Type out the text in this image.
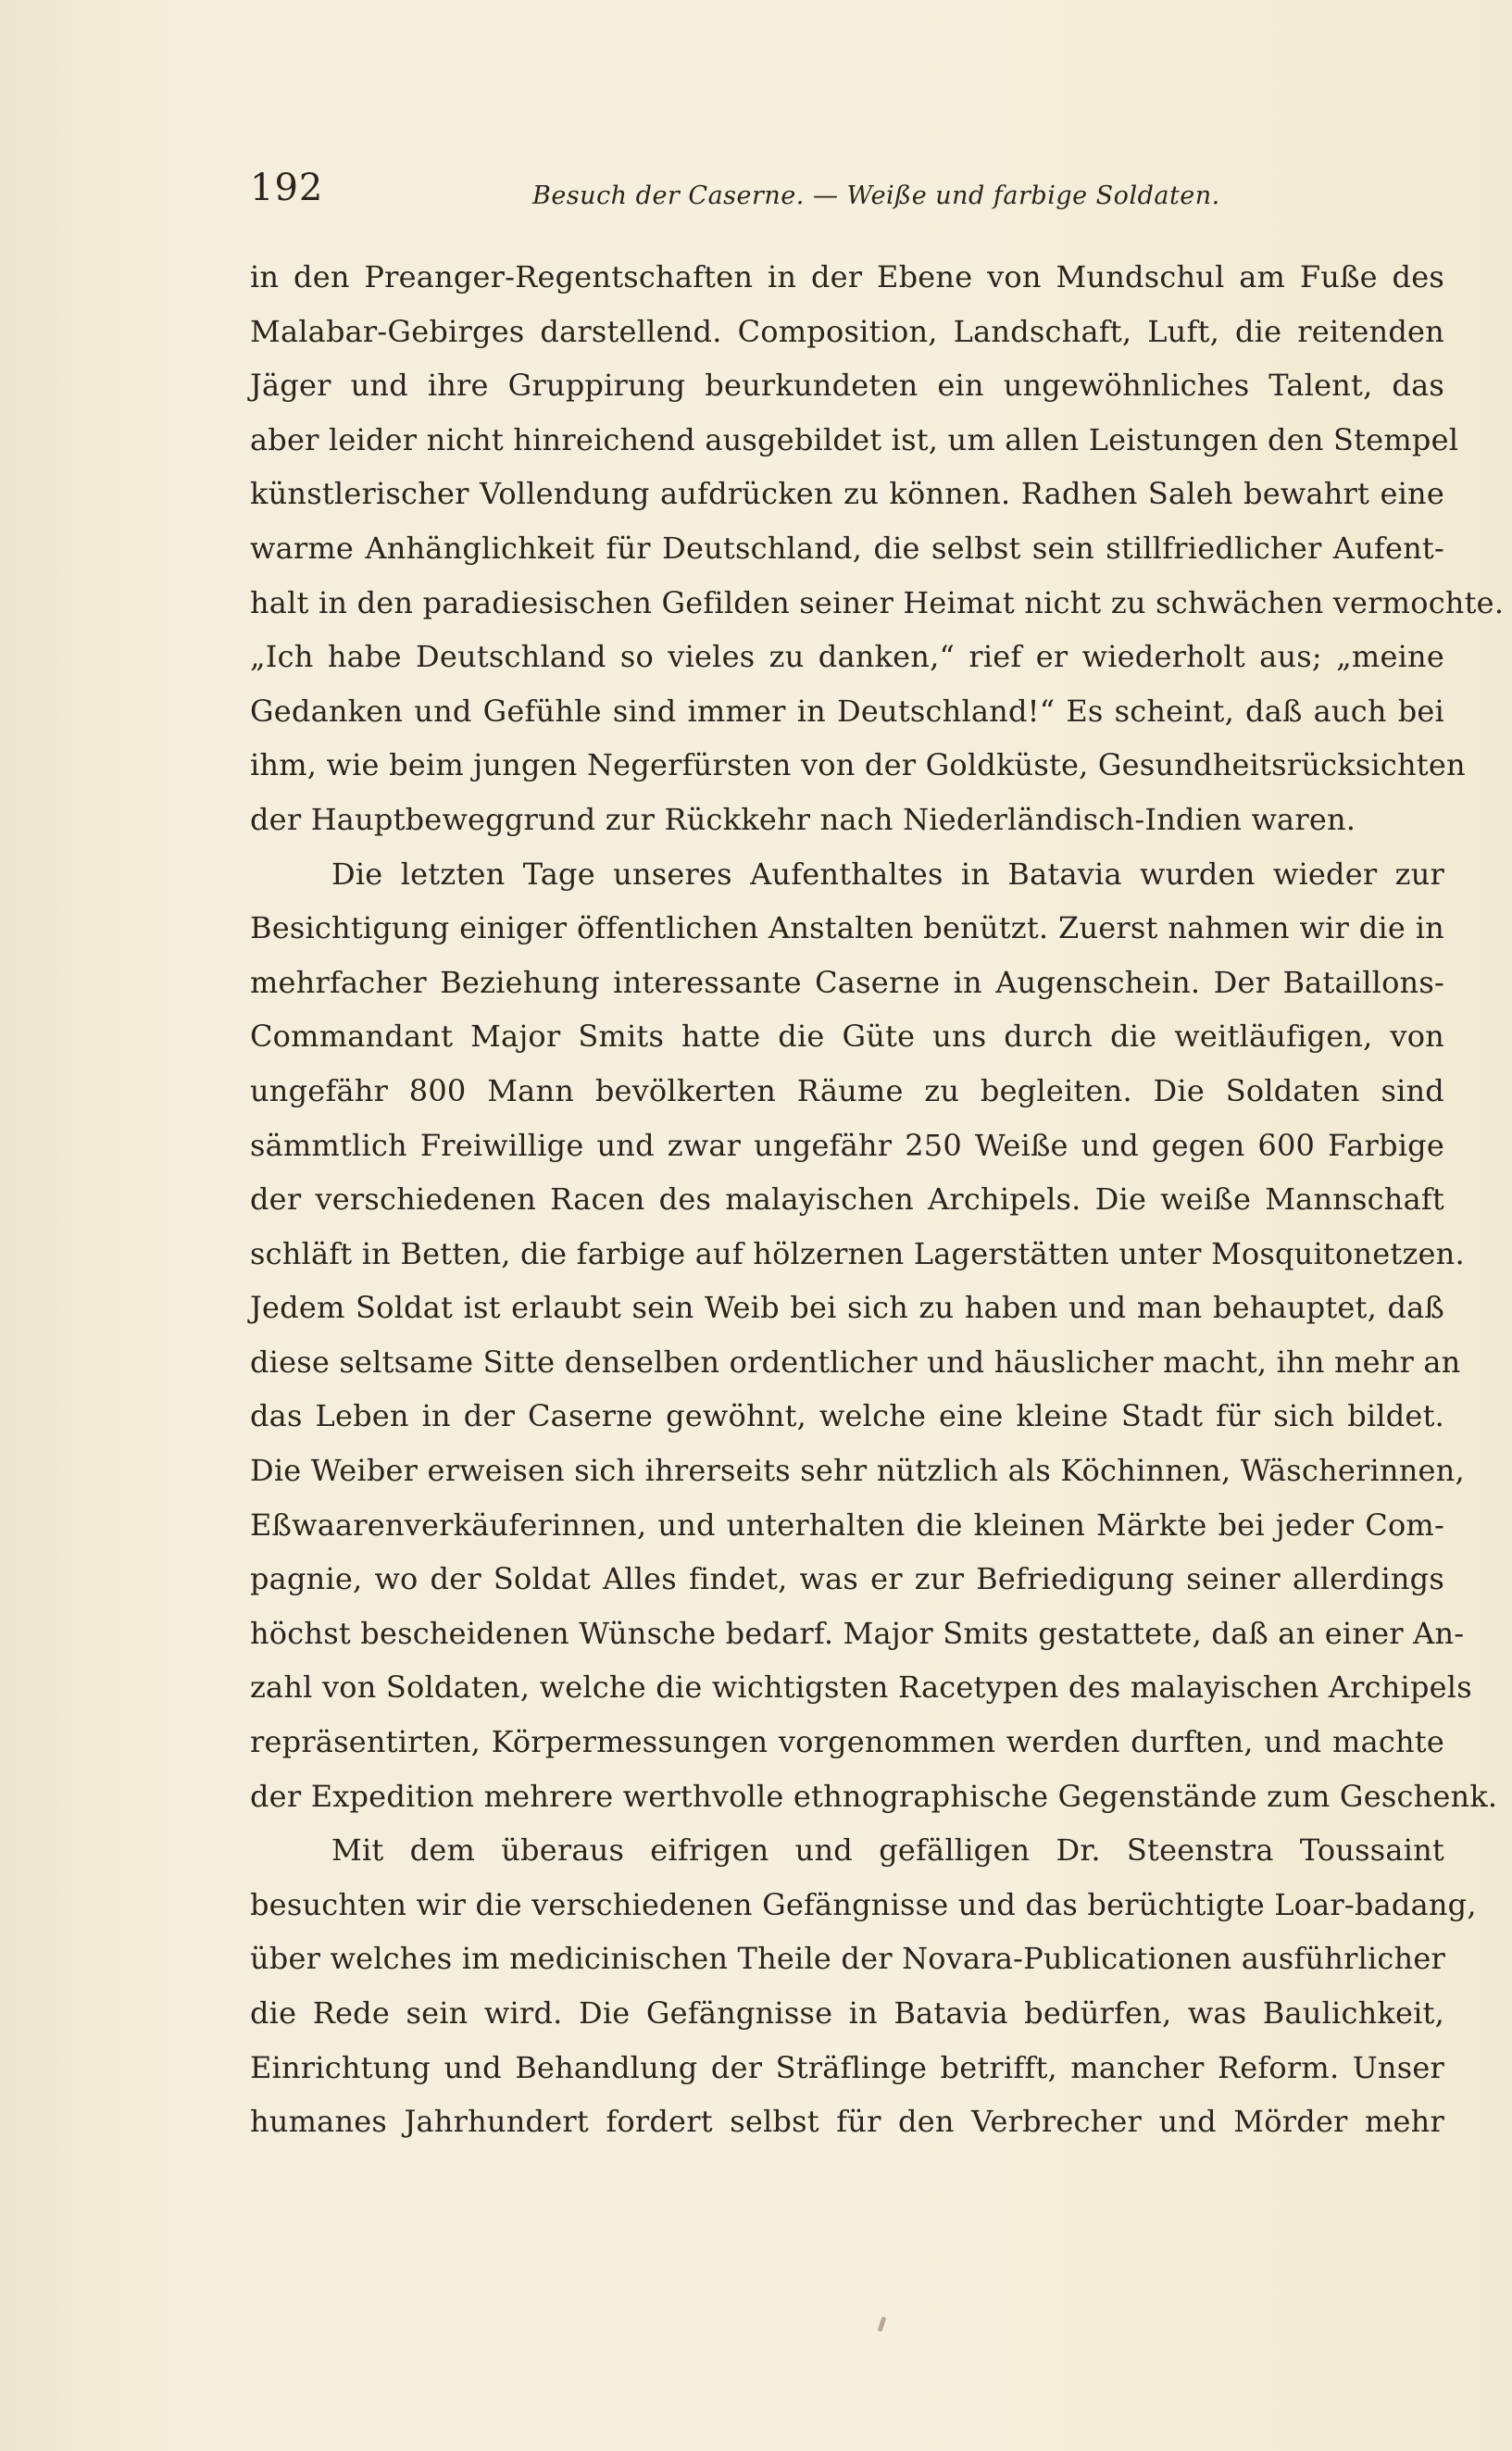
192	Besuch der Caserne. — Weiße und farbige Soldaten.
in den Preanger-Regentschaften in der Ebene von Mundschul am Fuße des
Malabar-Gebirges darstellend. Composition, Landschaft, Luft, die reitenden
Jäger und ihre Gruppirung beurkundeten ein ungewöhnliches Talent, das
aber leider nicht hinreichend ausgebildet ist, um allen Leistungen den Stempel
künstlerischer Vollendung aufdrücken zu können. Radhen Saleh bewahrt eine
warme Anhänglichkeit für Deutschland, die selbst sein stillfriedlicher Aufent-
halt in den paradiesischen Gefilden seiner Heimat nicht zu schwächen vermochte.
„Ich habe Deutschland so vieles zu danken,“ rief er wiederholt aus; „meine
Gedanken und Gefühle sind immer in Deutschland!“ Es scheint, daß auch bei
ihm, wie beim jungen Negerfürsten von der Goldküste, Gesundheitsrücksichten
der Hauptbeweggrund zur Rückkehr nach Niederländisch-Indien waren.
Die letzten Tage unseres Aufenthaltes in Batavia wurden wieder zur
Besichtigung einiger öffentlichen Anstalten benützt. Zuerst nahmen wir die in
mehrfacher Beziehung interessante Caserne in Augenschein. Der Bataillons-
Commandant Major Smits hatte die Güte uns durch die weitläufigen, von
ungefähr 800 Mann bevölkerten Räume zu begleiten. Die Soldaten sind
sämmtlich Freiwillige und zwar ungefähr 250 Weiße und gegen 600 Farbige
der verschiedenen Racen des malayischen Archipels. Die weiße Mannschaft
schläft in Betten, die farbige auf hölzernen Lagerstätten unter Mosquitonetzen.
Jedem Soldat ist erlaubt sein Weib bei sich zu haben und man behauptet, daß
diese seltsame Sitte denselben ordentlicher und häuslicher macht, ihn mehr an
das Leben in der Caserne gewöhnt, welche eine kleine Stadt für sich bildet.
Die Weiber erweisen sich ihrerseits sehr nützlich als Köchinnen, Wäscherinnen,
Eßwaarenverkäuferinnen, und unterhalten die kleinen Märkte bei jeder Com-
pagnie, wo der Soldat Alles findet, was er zur Befriedigung seiner allerdings
höchst bescheidenen Wünsche bedarf. Major Smits gestattete, daß an einer An-
zahl von Soldaten, welche die wichtigsten Racetypen des malayischen Archipels
repräsentirten, Körpermessungen vorgenommen werden durften, und machte
der Expedition mehrere werthvolle ethnographische Gegenstände zum Geschenk.
Mit dem überaus eifrigen und gefälligen Dr. Steenstra Toussaint
besuchten wir die verschiedenen Gefängnisse und das berüchtigte Loar-badang,
über welches im medicinischen Theile der Novara-Publicationen ausführlicher
die Rede sein wird. Die Gefängnisse in Batavia bedürfen, was Baulichkeit,
Einrichtung und Behandlung der Sträflinge betrifft, mancher Reform. Unser
humanes Jahrhundert fordert selbst für den Verbrecher und Mörder mehr
